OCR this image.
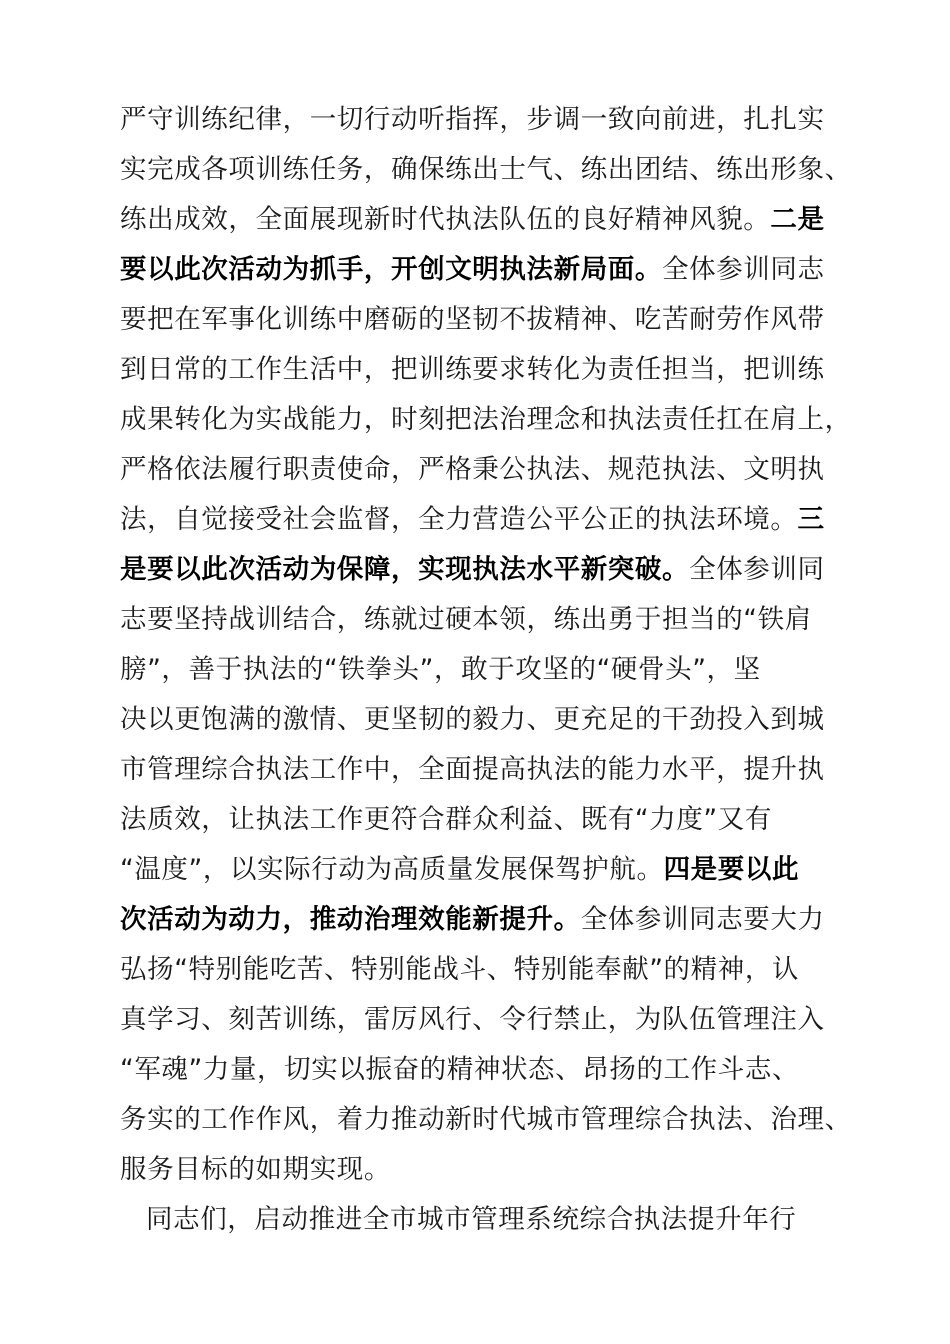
严守训练纪律，一切行动听指挥，步调一致向前进，扎扎实
实完成各项训练任务，确保练出士气、练出团结、练出形象、
练出成效，全面展现新时代执法队伍的良好精神风貌。二是
要以此次活动为抓手，开创文明执法新局面。全体参训同志
要把在军事化训练中磨砺的坚韧不拔精神、吃苦耐劳作风带
到日常的工作生活中，把训练要求转化为责任担当，把训练
成果转化为实战能力，时刻把法治理念和执法责任扛在肩上，
严格依法履行职责使命，严格秉公执法、规范执法、文明执
法，自觉接受社会监督，全力营造公平公正的执法环境。三
是要以此次活动为保障，实现执法水平新突破。全体参训同
志要坚持战训结合，练就过硬本领，练出勇于担当的“铁肩
膀”，善于执法的“铁拳头”，敢于攻坚的“硬骨头”，坚
决以更饱满的激情、更坚韧的毅力、更充足的干劲投入到城
市管理综合执法工作中，全面提高执法的能力水平，提升执
法质效，让执法工作更符合群众利益、既有“力度”又有
“温度”，以实际行动为高质量发展保驾护航。四是要以此
次活动为动力，推动治理效能新提升。全体参训同志要大力
弘扬“特别能吃苦、特别能战斗、特别能奉献”的精神，认
真学习、刻苦训练，雷厉风行、令行禁止，为队伍管理注入
“军魂”力量，切实以振奋的精神状态、昂扬的工作斗志、
务实的工作作风，着力推动新时代城市管理综合执法、治理、
服务目标的如期实现。
同志们，启动推进全市城市管理系统综合执法提升年行
